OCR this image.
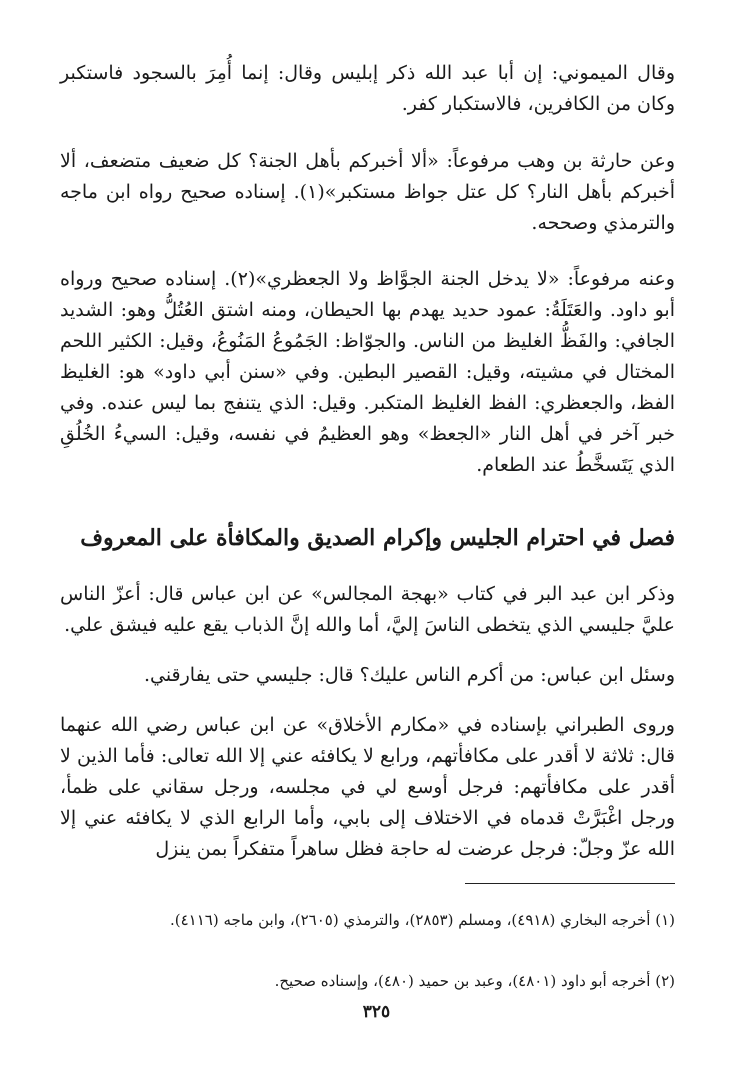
وقال الميموني: إن أبا عبد الله ذكر إبليس وقال: إنما أُمِرَ بالسجود فاستكبر وكان من الكافرين، فالاستكبار كفر.

وعن حارثة بن وهب مرفوعاً: «ألا أخبركم بأهل الجنة؟ كل ضعيف متضعف، ألا أخبركم بأهل النار؟ كل عتل جواظ مستكبر»(١). إسناده صحيح رواه ابن ماجه والترمذي وصححه.

وعنه مرفوعاً: «لا يدخل الجنة الجوَّاظ ولا الجعظري»(٢). إسناده صحيح ورواه أبو داود. والعَتَلَةُ: عمود حديد يهدم بها الحيطان، ومنه اشتق العُتُلُّ وهو: الشديد الجافي: والفَظُّ الغليظ من الناس. والجوّاظ: الجَمُوعُ المَنُوعُ، وقيل: الكثير اللحم المختال في مشيته، وقيل: القصير البطين. وفي «سنن أبي داود» هو: الغليظ الفظ، والجعظري: الفظ الغليظ المتكبر. وقيل: الذي يتنفج بما ليس عنده. وفي خبر آخر في أهل النار «الجعظ» وهو العظيمُ في نفسه، وقيل: السيءُ الخُلُقِ الذي يَتَسخَّطُ عند الطعام.

فصل في احترام الجليس وإكرام الصديق والمكافأة على المعروف

وذكر ابن عبد البر في كتاب «بهجة المجالس» عن ابن عباس قال: أعزّ الناس عليَّ جليسي الذي يتخطى الناسَ إليَّ، أما والله إنَّ الذباب يقع عليه فيشق علي.

وسئل ابن عباس: من أكرم الناس عليك؟ قال: جليسي حتى يفارقني.

وروى الطبراني بإسناده في «مكارم الأخلاق» عن ابن عباس رضي الله عنهما قال: ثلاثة لا أقدر على مكافأتهم، ورابع لا يكافئه عني إلا الله تعالى: فأما الذين لا أقدر على مكافأتهم: فرجل أوسع لي في مجلسه، ورجل سقاني على ظمأ، ورجل اغْبَرَّتْ قدماه في الاختلاف إلى بابي، وأما الرابع الذي لا يكافئه عني إلا الله عزّ وجلّ: فرجل عرضت له حاجة فظل ساهراً متفكراً بمن ينزل

(١) أخرجه البخاري (٤٩١٨)، ومسلم (٢٨٥٣)، والترمذي (٢٦٠٥)، وابن ماجه (٤١١٦).

(٢) أخرجه أبو داود (٤٨٠١)، وعبد بن حميد (٤٨٠)، وإسناده صحيح.

٣٢٥
